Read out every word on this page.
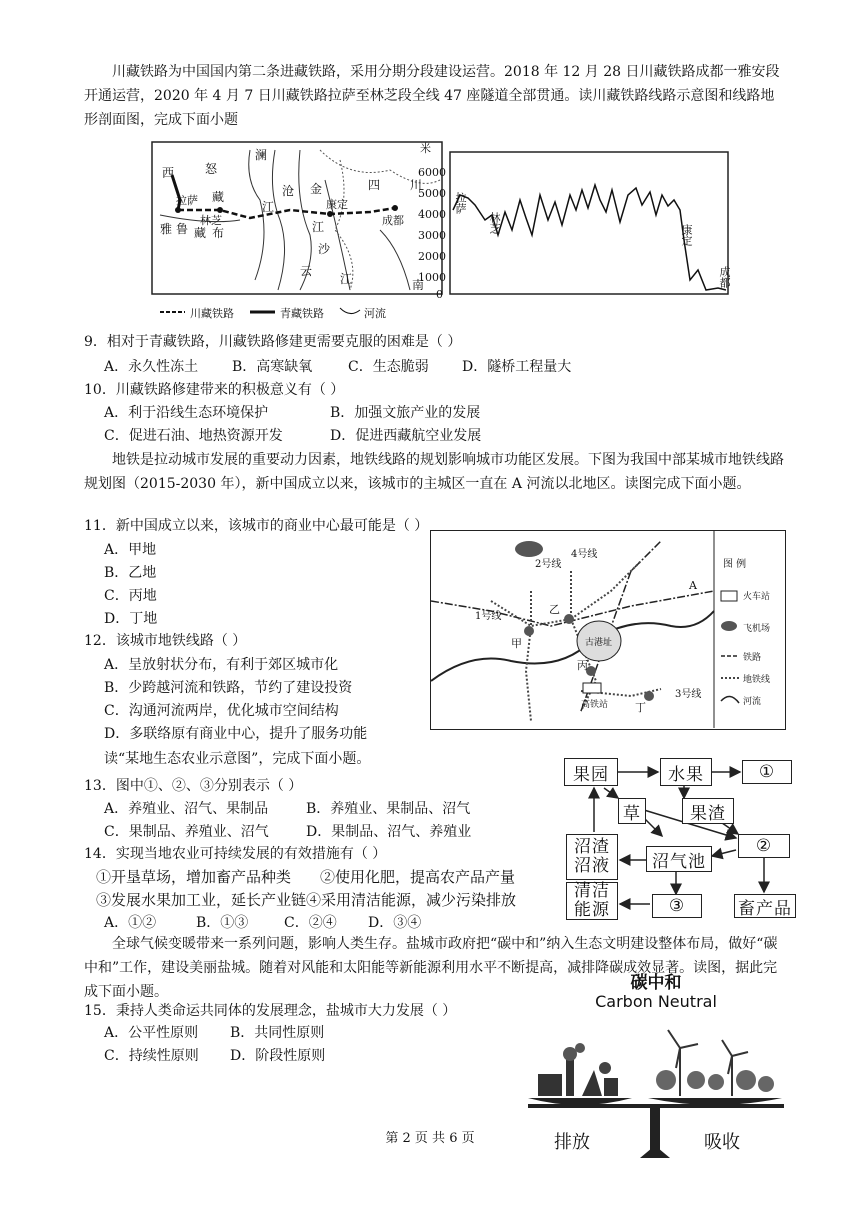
川藏铁路为中国国内第二条进藏铁路，采用分期分段建设运营。2018 年 12 月 28 日川藏铁路成都一雅安段开通运营，2020 年 4 月 7 日川藏铁路拉萨至林芝段全线 47 座隧道全部贯通。读川藏铁路线路示意图和线路地形剖面图，完成下面小题

西	怒
澜
拉萨 藏
江
沧 金
江
康定
四 川
成都
林芝
雅 鲁 藏 布
云
沙
江	南
川藏铁路	青藏铁路	河流
米
6000
5000
4000
3000
2000
1000
0
拉萨
林芝
康定
成都
9．相对于青藏铁路，川藏铁路修建更需要克服的困难是（ ）
A．永久性冻土 B．高寒缺氧	C．生态脆弱 D．隧桥工程量大
10．川藏铁路修建带来的积极意义有（ ）
A．利于沿线生态环境保护	B．加强文旅产业的发展
C．促进石油、地热资源开发	D．促进西藏航空业发展

地铁是拉动城市发展的重要动力因素，地铁线路的规划影响城市功能区发展。下图为我国中部某城市地铁线路规划图（2015-2030 年），新中国成立以来，该城市的主城区一直在 A 河流以北地区。读图完成下面小题。

11．新中国成立以来，该城市的商业中心最可能是（ ）
A．甲地
B．乙地
C．丙地
D．丁地
12．该城市地铁线路（ ）
A．呈放射状分布，有利于郊区城市化
B．少跨越河流和铁路，节约了建设投资
C．沟通河流两岸，优化城市空间结构
D．多联络原有商业中心，提升了服务功能
2号线
4号线
1号线
3号线
乙
甲
丙
丁
A
古港址
高铁站
图 例
火车站
飞机场
铁路
地铁线
河流
读“某地生态农业示意图”，完成下面小题。
13．图中①、②、③分别表示（ ）
A．养殖业、沼气、果制品	B．养殖业、果制品、沼气
C．果制品、养殖业、沼气	D．果制品、沼气、养殖业
14．实现当地农业可持续发展的有效措施有（ ）
①开垦草场，增加畜产品种类 ②使用化肥，提高农产品产量
③发展水果加工业，延长产业链 ④采用清洁能源，减少污染排放
A．①②	B．①③	C．②④ D．③④
果园	水果	①
草	果渣
沼渣
沼液	沼气池
②
清洁
能源	③	畜产品

全球气候变暖带来一系列问题，影响人类生存。盐城市政府把“碳中和”纳入生态文明建设整体布局，做好“碳中和”工作，建设美丽盐城。随着对风能和太阳能等新能源利用水平不断提高，减排降碳成效显著。读图，据此完成下面小题。

15．秉持人类命运共同体的发展理念，盐城市大力发展（ ）
A．公平性原则 B．共同性原则
C．持续性原则 D．阶段性原则
碳中和
Carbon Neutral
排放	吸收
第 2 页 共 6 页
